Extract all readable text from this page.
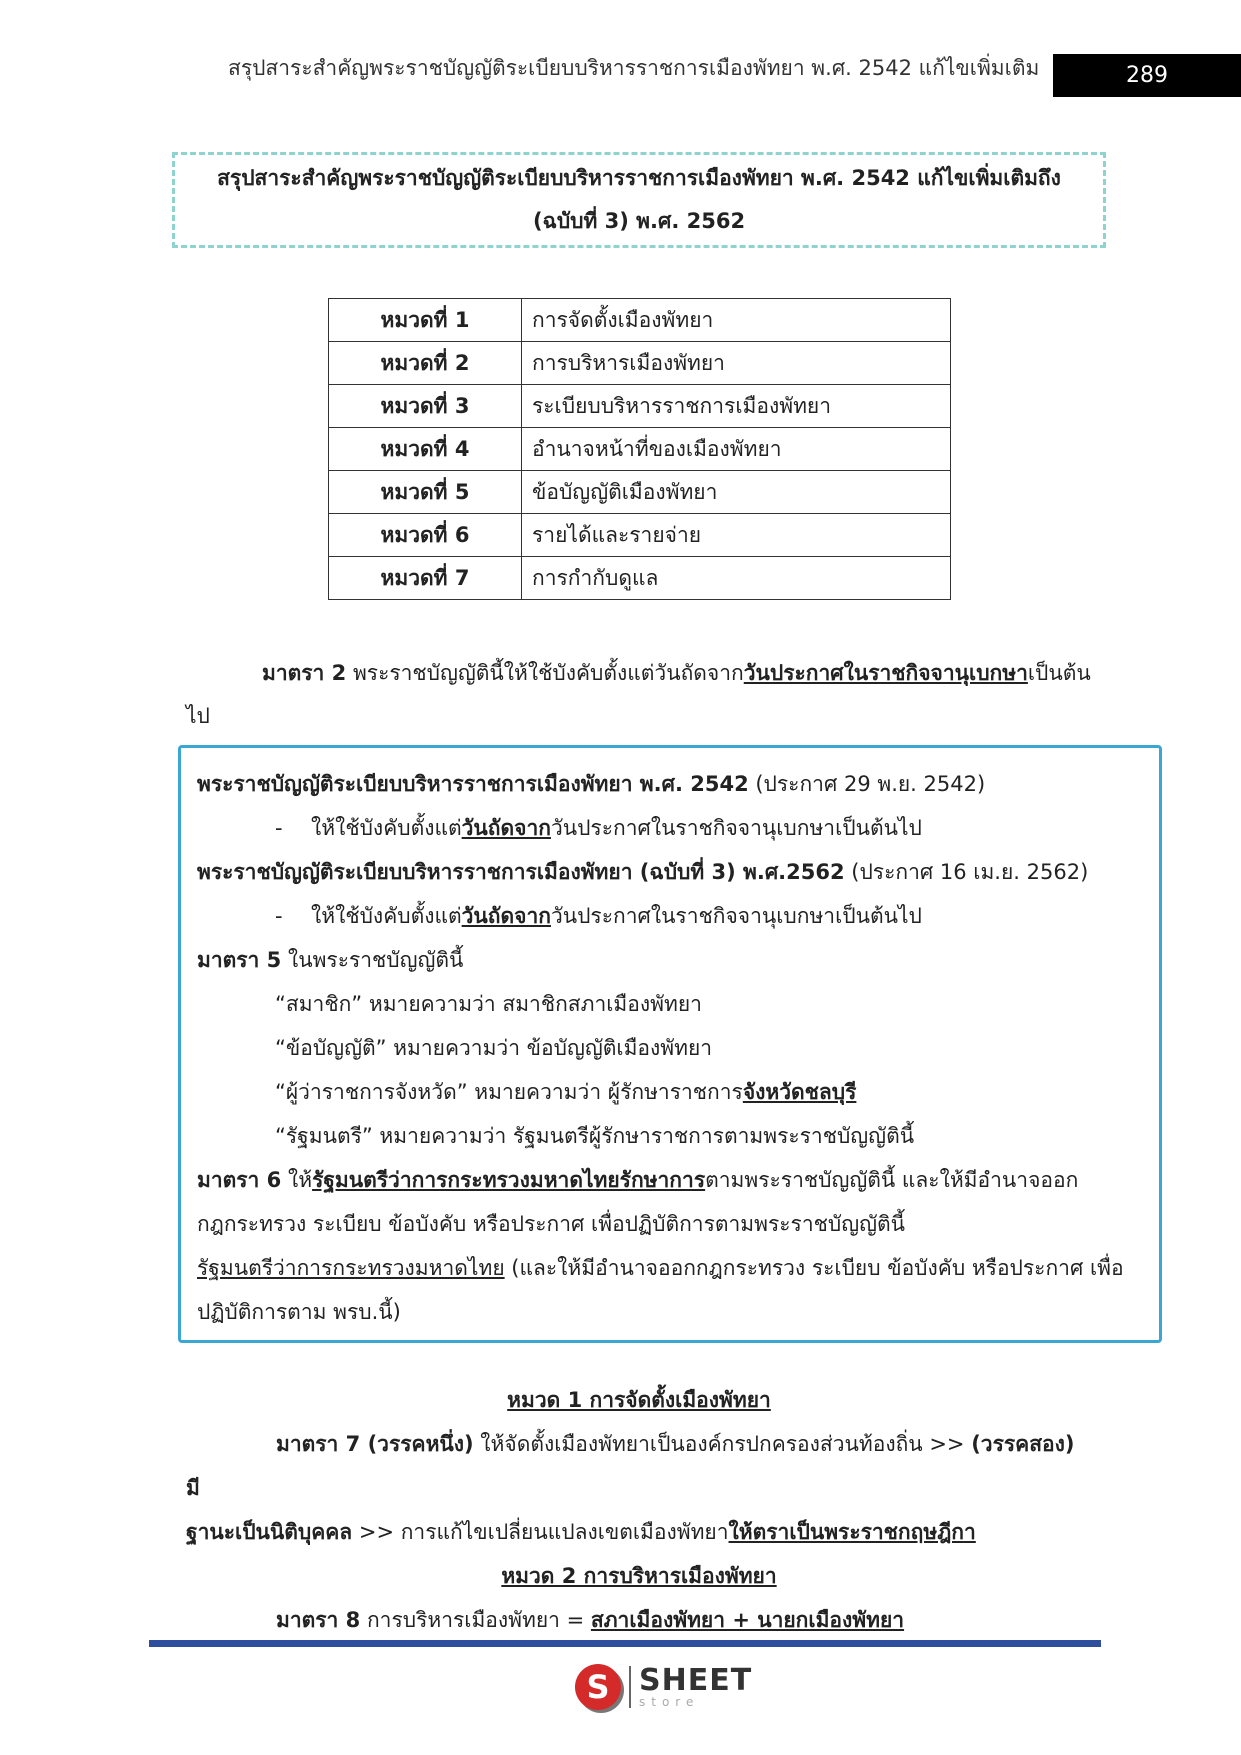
สรุปสาระสำคัญพระราชบัญญัติระเบียบบริหารราชการเมืองพัทยา พ.ศ. 2542 แก้ไขเพิ่มเติม	289
สรุปสาระสำคัญพระราชบัญญัติระเบียบบริหารราชการเมืองพัทยา พ.ศ. 2542 แก้ไขเพิ่มเติมถึง
(ฉบับที่ 3) พ.ศ. 2562
หมวดที่ 1	การจัดตั้งเมืองพัทยา
หมวดที่ 2	การบริหารเมืองพัทยา
หมวดที่ 3	ระเบียบบริหารราชการเมืองพัทยา
หมวดที่ 4	อำนาจหน้าที่ของเมืองพัทยา
หมวดที่ 5	ข้อบัญญัติเมืองพัทยา
หมวดที่ 6	รายได้และรายจ่าย
หมวดที่ 7	การกำกับดูแล
มาตรา 2 พระราชบัญญัตินี้ให้ใช้บังคับตั้งแต่วันถัดจากวันประกาศในราชกิจจานุเบกษาเป็นต้น
ไป
พระราชบัญญัติระเบียบบริหารราชการเมืองพัทยา พ.ศ. 2542 (ประกาศ 29 พ.ย. 2542)
- ให้ใช้บังคับตั้งแต่วันถัดจากวันประกาศในราชกิจจานุเบกษาเป็นต้นไป
พระราชบัญญัติระเบียบบริหารราชการเมืองพัทยา (ฉบับที่ 3) พ.ศ.2562 (ประกาศ 16 เม.ย. 2562)
- ให้ใช้บังคับตั้งแต่วันถัดจากวันประกาศในราชกิจจานุเบกษาเป็นต้นไป
มาตรา 5 ในพระราชบัญญัตินี้
“สมาชิก” หมายความว่า สมาชิกสภาเมืองพัทยา
“ข้อบัญญัติ” หมายความว่า ข้อบัญญัติเมืองพัทยา
“ผู้ว่าราชการจังหวัด” หมายความว่า ผู้รักษาราชการจังหวัดชลบุรี
“รัฐมนตรี” หมายความว่า รัฐมนตรีผู้รักษาราชการตามพระราชบัญญัตินี้
มาตรา 6 ให้รัฐมนตรีว่าการกระทรวงมหาดไทยรักษาการตามพระราชบัญญัตินี้ และให้มีอำนาจออก
กฎกระทรวง ระเบียบ ข้อบังคับ หรือประกาศ เพื่อปฏิบัติการตามพระราชบัญญัตินี้
รัฐมนตรีว่าการกระทรวงมหาดไทย (และให้มีอำนาจออกกฎกระทรวง ระเบียบ ข้อบังคับ หรือประกาศ เพื่อ
ปฏิบัติการตาม พรบ.นี้)
หมวด 1 การจัดตั้งเมืองพัทยา
มาตรา 7 (วรรคหนึ่ง) ให้จัดตั้งเมืองพัทยาเป็นองค์กรปกครองส่วนท้องถิ่น >> (วรรคสอง) มี
ฐานะเป็นนิติบุคคล >> การแก้ไขเปลี่ยนแปลงเขตเมืองพัทยาให้ตราเป็นพระราชกฤษฎีกา
หมวด 2 การบริหารเมืองพัทยา
มาตรา 8 การบริหารเมืองพัทยา = สภาเมืองพัทยา + นายกเมืองพัทยา
S SHEET
store
